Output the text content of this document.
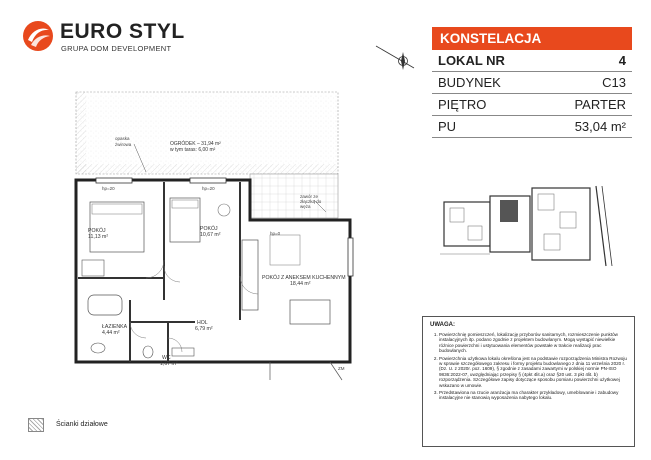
EURO STYL
GRUPA DOM DEVELOPMENT
KONSTELACJA
LOKAL NR	4
BUDYNEK	C13
PIĘTRO	PARTER
PU	53,04 m²
opaska
żwirowa	OGRÓDEK – 31,94 m²
w tym taras: 6,00 m²
zawór ze
złączką do
węża
hp=20	hp=20
hp=0
ZM
POKÓJ
11,13 m²
POKÓJ
10,67 m²
POKÓJ Z ANEKSEM KUCHENNYM
18,44 m²
HOL
6,79 m²
ŁAZIENKA
4,44 m²
WC
1,67 m²
UWAGA:
1. Powierzchnię pomieszczeń, lokalizację przyborów sanitarnych, rozmieszczenie punktów instalacyjnych itp. podano zgodnie z projektem budowlanym. Mogą wystąpić niewielkie różnice powierzchni i ustytuowania elementów powstałe w trakcie realizacji prac budowlanych.
2. Powierzchnia użytkowa lokalu określona jest na podstawie rozporządzenia Ministra Rozwoju w sprawie szczegółowego zakresu i formy projektu budowlanego z dnia 11 września 2020 r. (Dz. U. z 2020r. poz. 1609), § zgodnie z zasadami zawartymi w polskiej normie PN-ISO 9836:2022-07, uwzględniając przepisy § (4pkt 4lit.a) oraz §20 ust. 3 pkt 4lit. b) rozporządzenia. Szczegółowe zapisy dotyczące sposobu pomiaru powierzchni użytkowej wskazano w umowie.
3. Przedstawiona na rzucie aranżacja ma charakter przykładowy, umeblowanie i zabudowy instalacyjne nie stanowią wyposażenia nabytego lokalu.
Ścianki działowe
